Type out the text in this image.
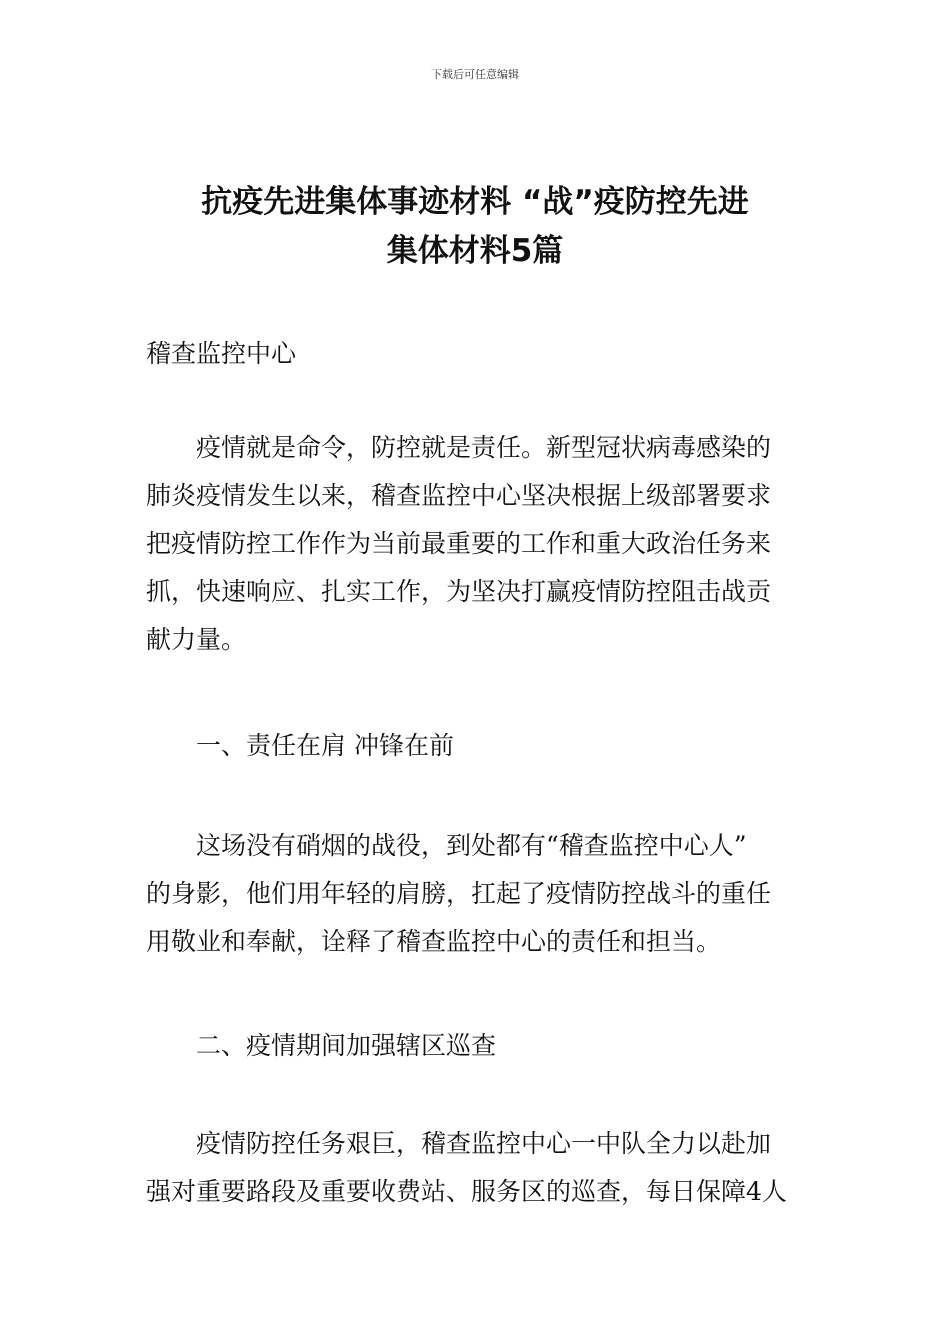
下载后可任意编辑
抗疫先进集体事迹材料 “战”疫防控先进
集体材料5篇
稽查监控中心
疫情就是命令，防控就是责任。新型冠状病毒感染的
肺炎疫情发生以来，稽查监控中心坚决根据上级部署要求
把疫情防控工作作为当前最重要的工作和重大政治任务来
抓，快速响应、扎实工作，为坚决打赢疫情防控阻击战贡
献力量。
一、责任在肩 冲锋在前
这场没有硝烟的战役，到处都有“稽查监控中心人”
的身影，他们用年轻的肩膀，扛起了疫情防控战斗的重任
用敬业和奉献，诠释了稽查监控中心的责任和担当。
二、疫情期间加强辖区巡查
疫情防控任务艰巨，稽查监控中心一中队全力以赴加
强对重要路段及重要收费站、服务区的巡查，每日保障4人
